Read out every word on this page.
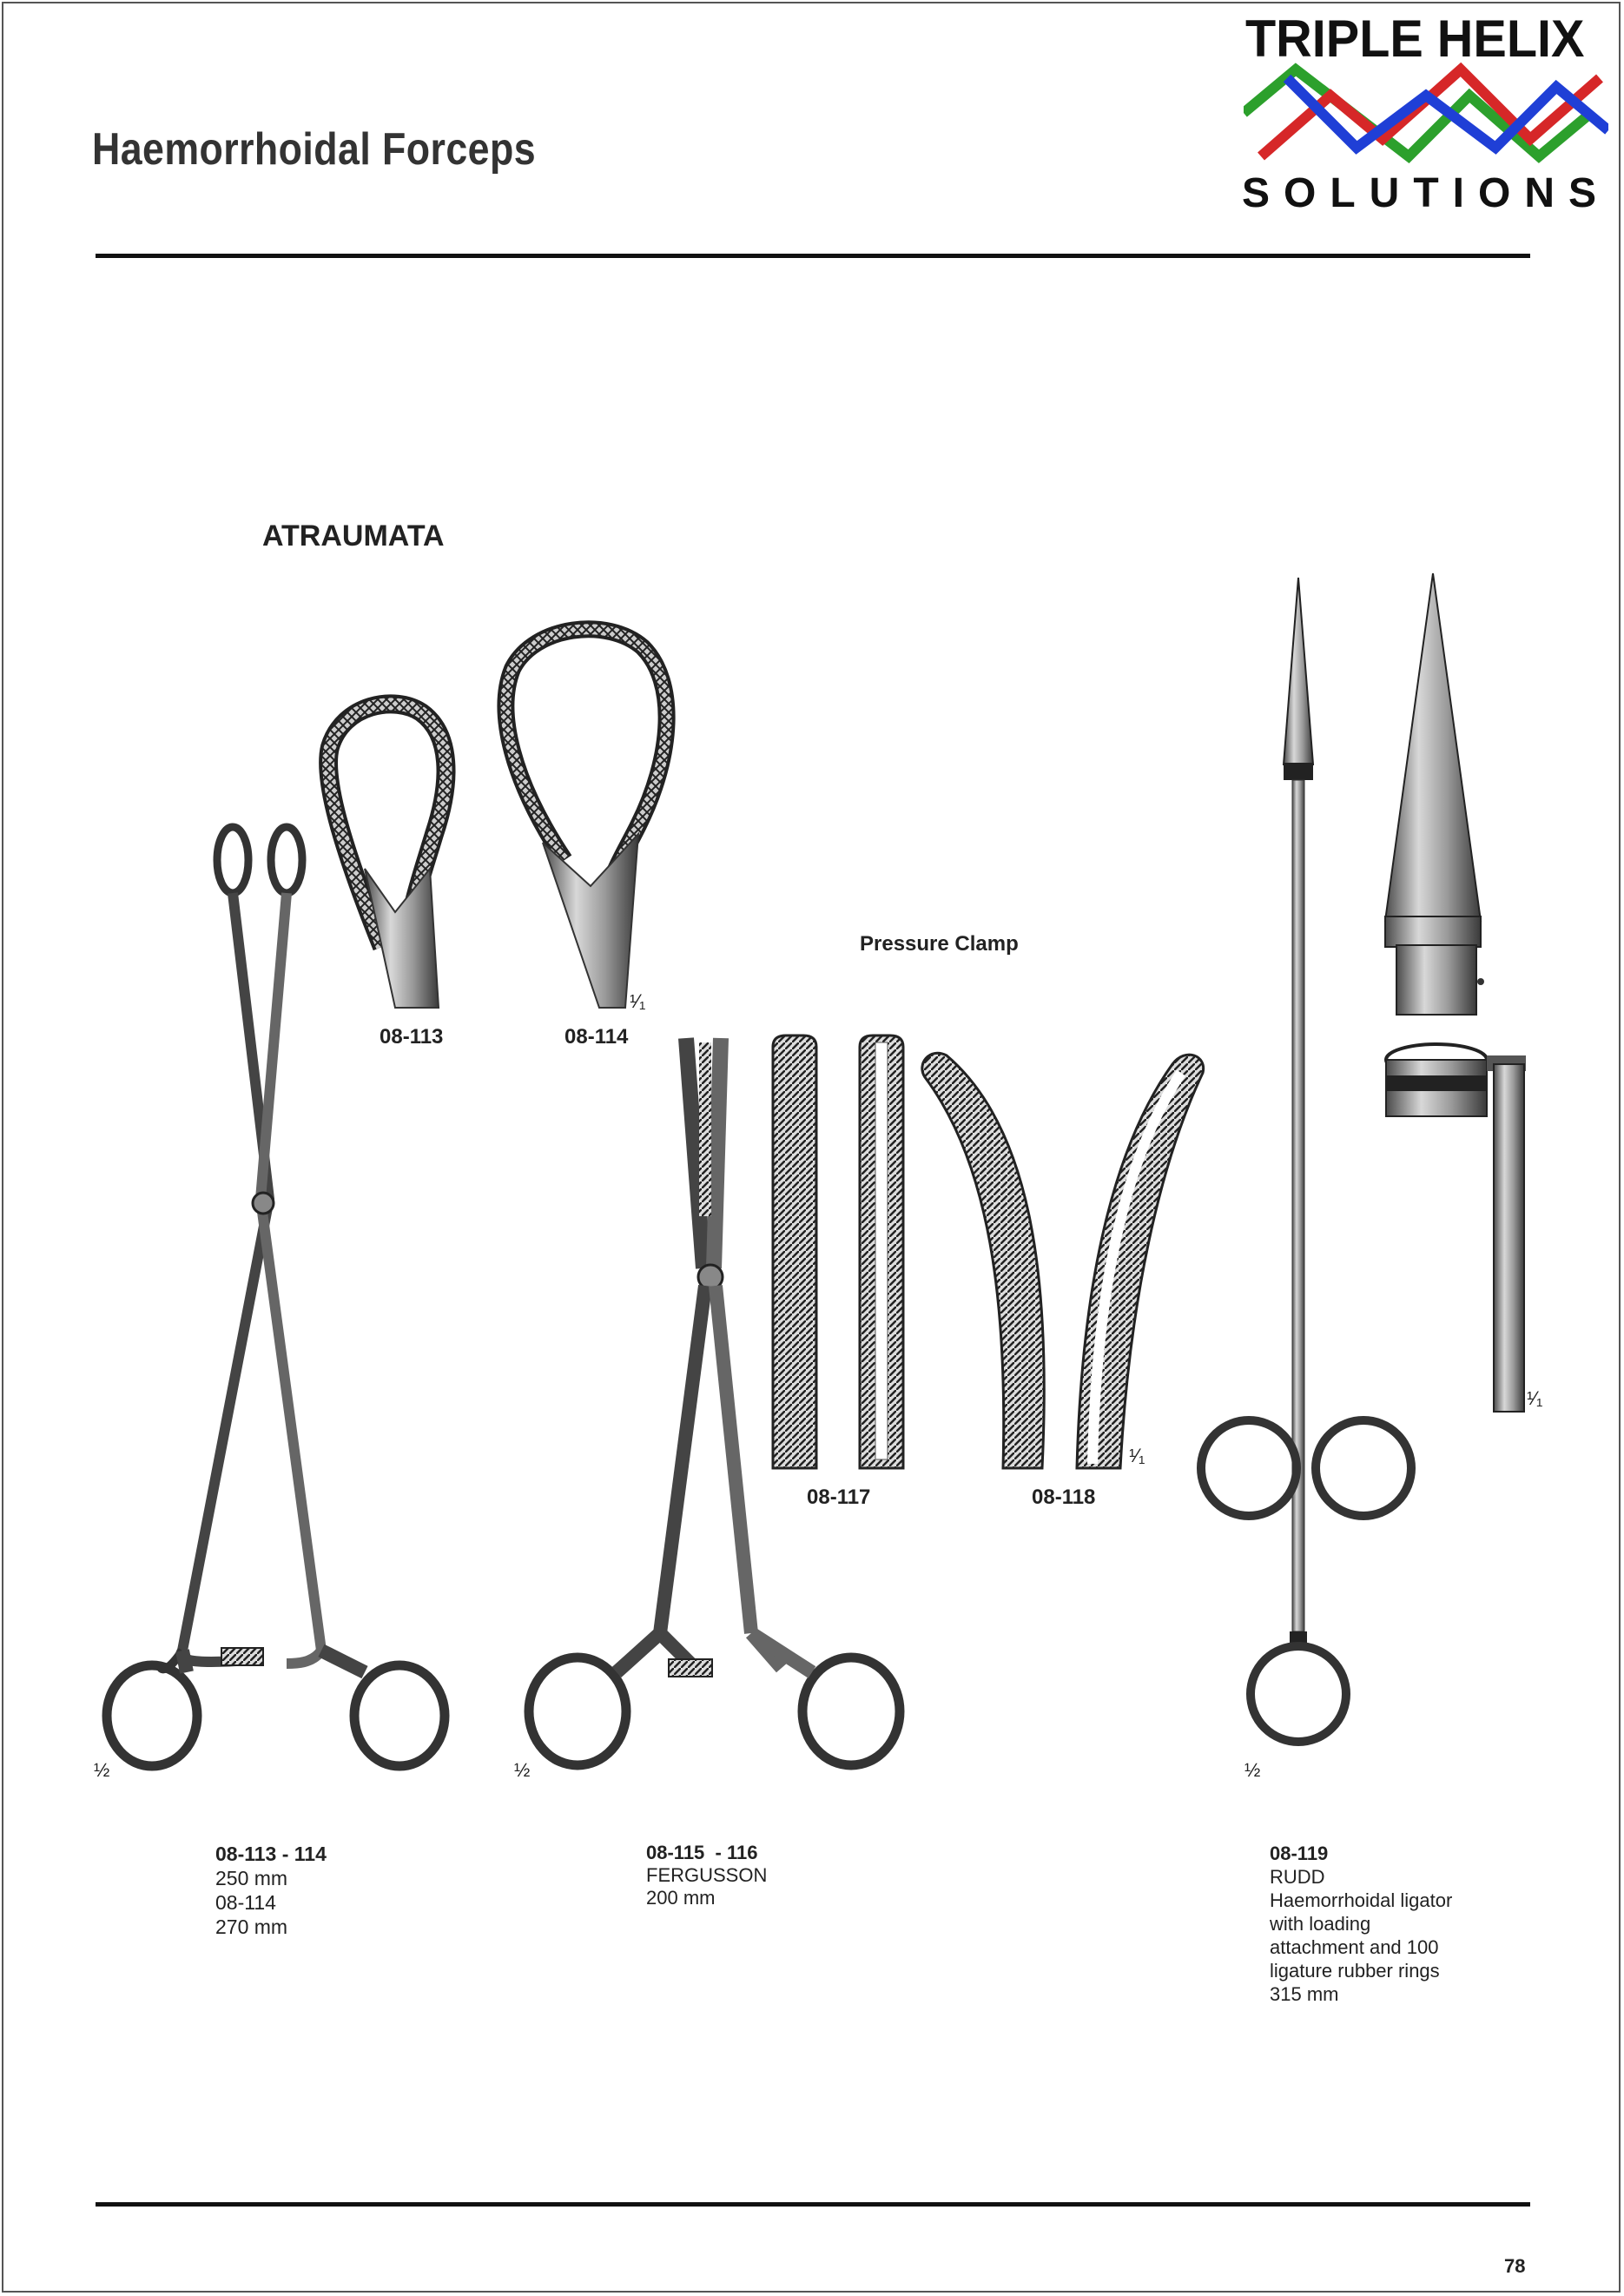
Haemorrhoidal Forceps
TRIPLE HELIX
SOLUTIONS
ATRAUMATA
08-113	08-114
¹⁄₁
Pressure Clamp
08-117	08-118
¹⁄₁
¹⁄₁
½	½	½
08-113 - 114
250 mm
08-114
270 mm
08-115  - 116
FERGUSSON
200 mm
08-119
RUDD
Haemorrhoidal ligator
with loading
attachment and 100
ligature rubber rings
315 mm
78
